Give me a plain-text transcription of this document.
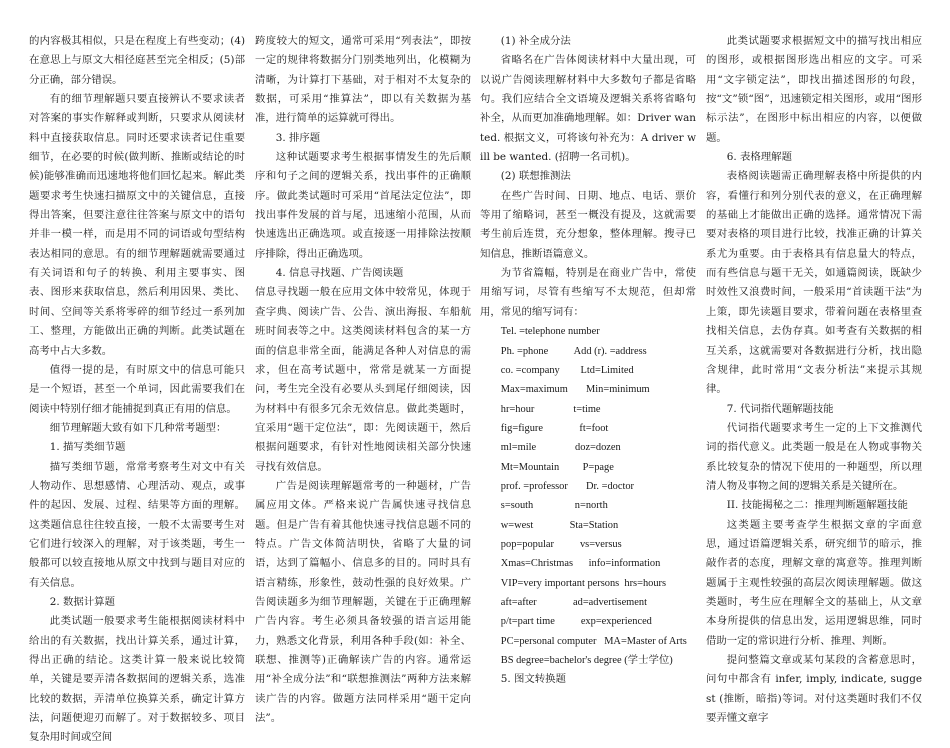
的内容极其相似，只是在程度上有些变动；(4)在意思上与原文大相径庭甚至完全相反；(5)部分正确，部分错误。

有的细节理解题只要直接辨认不要求读者对答案的事实作解释或判断，只要求从阅读材料中直接获取信息。同时还要求读者记住重要细节，在必要的时候(做判断、推断或结论的时候)能够准确而迅速地将他们回忆起来。解此类题要求考生快速扫描原文中的关键信息，直接得出答案，但要注意往往答案与原文中的语句并非一模一样，而是用不同的词语或句型结构表达相同的意思。有的细节理解题就需要通过有关词语和句子的转换、利用主要事实、图表、图形来获取信息，然后利用因果、类比、时间、空间等关系将零碎的细节经过一系列加工、整理，方能做出正确的判断。此类试题在高考中占大多数。

值得一提的是，有时原文中的信息可能只是一个短语，甚至一个单词，因此需要我们在阅读中特别仔细才能捕捉到真正有用的信息。

细节理解题大致有如下几种常考题型：

1. 描写类细节题

描写类细节题，常常考察考生对文中有关人物动作、思想感情、心理活动、观点，或事件的起因、发展、过程、结果等方面的理解。这类题信息往往较直接，一般不太需要考生对它们进行较深入的理解，对于该类题，考生一般都可以较直接地从原文中找到与题目对应的有关信息。

2. 数据计算题

此类试题一般要求考生能根据阅读材料中给出的有关数据，找出计算关系，通过计算，得出正确的结论。这类计算一般来说比较简单，关键是要弄清各数据间的逻辑关系，选准比较的数据，弄清单位换算关系，确定计算方法，问题便迎刃而解了。对于数据较多、项目复杂用时间或空间

跨度较大的短文，通常可采用“列表法”，即按一定的规律将数据分门别类地列出，化模糊为清晰，为计算打下基础，对于相对不太复杂的数据，可采用“推算法”，即以有关数据为基准，进行简单的运算就可得出。

3. 排序题

这种试题要求考生根据事情发生的先后顺序和句子之间的逻辑关系，找出事件的正确顺序。做此类试题时可采用“首尾法定位法”，即找出事件发展的首与尾，迅速缩小范围，从而快速选出正确选项。或直接逐一用排除法按顺序排除，得出正确选项。

4. 信息寻找题、广告阅读题

信息寻找题一般在应用文体中较常见，体现于查字典、阅读广告、公告、演出海报、车船航班时间表等之中。这类阅读材料包含的某一方面的信息非常全面，能满足各种人对信息的需求，但在高考试题中，常常是就某一方面提问，考生完全没有必要从头到尾仔细阅读，因为材料中有很多冗余无效信息。做此类题时，宜采用“题干定位法”，即：先阅读题干，然后根据问题要求，有针对性地阅读相关部分快速寻找有效信息。

广告是阅读理解题常考的一种题材，广告属应用文体。严格来说广告属快速寻找信息题。但是广告有着其他快速寻找信息题不同的特点。广告文体简洁明快，省略了大量的词语，达到了篇幅小、信息多的目的。同时具有语言精练，形象性，鼓动性强的良好效果。广告阅读题多为细节理解题，关键在于正确理解广告内容。考生必须具备较强的语言运用能力，熟悉文化背景，利用各种手段(如：补全、联想、推测等)正确解读广告的内容。通常运用“补全成分法”和“联想推测法”两种方法来解读广告的内容。做题方法同样采用“题干定向法”。

(1) 补全成分法

省略名在广告体阅读材料中大量出现，可以说广告阅读理解材料中大多数句子都是省略句。我们应结合全文语境及逻辑关系将省略句补全，从而更加准确地理解。如：Driver wanted. 根据文义，可将该句补充为：A driver will be wanted. (招聘一名司机)。

(2) 联想推测法

在些广告时间、日期、地点、电话、票价等用了缩略词，甚至一概没有提及，这就需要考生前后连贯，充分想象，整体理解。搜寻已知信息，推断语篇意义。

为节省篇幅，特别是在商业广告中，常使用缩写词，尽管有些缩写不太规范，但却常用，常见的缩写词有：

Tel. =telephone number

Ph. =phone          Add (r). =address

co. =company        Ltd=Limited

Max=maximum       Min=minimum

hr=hour               t=time

fig=figure              ft=foot

ml=mile               doz=dozen

Mt=Mountain         P=page

prof. =professor       Dr. =doctor

s=south                n=north

w=west              Sta=Station

pop=popular          vs=versus

Xmas=Christmas      info=information

VIP=very important persons  hrs=hours

aft=after              ad=advertisement

p/t=part time          exp=experienced

PC=personal computer   MA=Master of Arts

BS degree=bachelor's degree (学士学位)

5. 图文转换题

此类试题要求根据短文中的描写找出相应的图形，或根据图形选出相应的文字。可采用“文字锁定法”，即找出描述图形的句段，按“文”锁“图”，迅速锁定相关图形，或用“图形标示法”，在图形中标出相应的内容，以便做题。

6. 表格理解题

表格阅读题需正确理解表格中所提供的内容，看懂行和列分别代表的意义，在正确理解的基础上才能做出正确的选择。通常情况下需要对表格的项目进行比较，找准正确的计算关系尤为重要。由于表格具有信息量大的特点，而有些信息与题干无关，如通篇阅读，既缺少时效性又浪费时间，一般采用“首读题干法”为上策，即先读题目要求，带着问题在表格里查找相关信息，去伪存真。如考查有关数据的相互关系，这就需要对各数据进行分析，找出隐含规律，此时常用“文表分析法”来提示其规律。

7. 代词指代题解题技能

代词指代题要求考生一定的上下文推测代词的指代意义。此类题一般是在人物或事物关系比较复杂的情况下使用的一种题型，所以理清人物及事物之间的逻辑关系是关键所在。

II. 技能揭秘之二：推理判断题解题技能

这类题主要考查学生根据文章的字面意思，通过语篇逻辑关系，研究细节的暗示，推敲作者的态度，理解文章的寓意等。推理判断题属于主观性较强的高层次阅读理解题。做这类题时，考生应在理解全文的基础上，从文章本身所提供的信息出发，运用逻辑思维，同时借助一定的常识进行分析、推理、判断。

提问整篇文章或某句某段的含蓄意思时，问句中都含有 infer, imply, indicate, suggest (推断，暗指)等词。对付这类题时我们不仅要弄懂文章字
